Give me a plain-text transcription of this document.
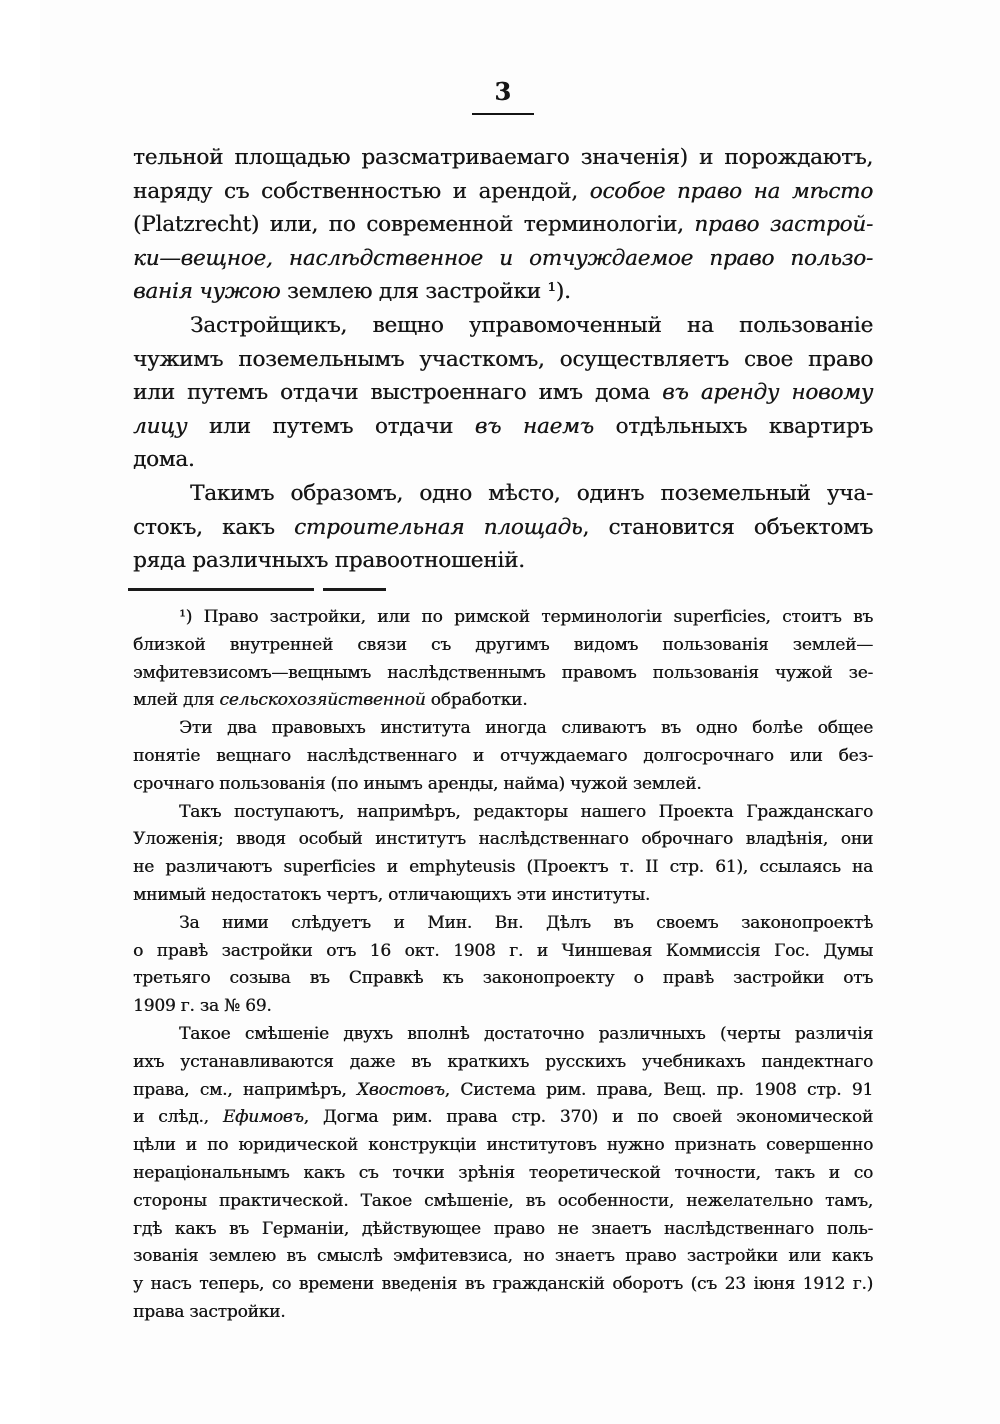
3
тельной площадью разсматриваемаго значенія) и порождаютъ,
наряду съ собственностью и арендой, особое право на мѣсто
(Platzrecht) или, по современной терминологіи, право застрой-
ки—вещное, наслѣдственное и отчуждаемое право пользо-
ванія чужою землею для застройки ¹).
Застройщикъ, вещно управомоченный на пользованіе
чужимъ поземельнымъ участкомъ, осуществляетъ свое право
или путемъ отдачи выстроеннаго имъ дома въ аренду новому
лицу или путемъ отдачи въ наемъ отдѣльныхъ квартиръ
дома.
Такимъ образомъ, одно мѣсто, одинъ поземельный уча-
стокъ, какъ строительная площадь, становится объектомъ
ряда различныхъ правоотношеній.
¹) Право застройки, или по римской терминологіи superficies, стоитъ въ
близкой внутренней связи съ другимъ видомъ пользованія землей—
эмфитевзисомъ—вещнымъ наслѣдственнымъ правомъ пользованія чужой зе-
млей для сельскохозяйственной обработки.
Эти два правовыхъ института иногда сливаютъ въ одно болѣе общее
понятіе вещнаго наслѣдственнаго и отчуждаемаго долгосрочнаго или без-
срочнаго пользованія (по инымъ аренды, найма) чужой землей.
Такъ поступаютъ, напримѣръ, редакторы нашего Проекта Гражданскаго
Уложенія; вводя особый институтъ наслѣдственнаго оброчнаго владѣнія, они
не различаютъ superficies и emphyteusis (Проектъ т. II стр. 61), ссылаясь на
мнимый недостатокъ чертъ, отличающихъ эти институты.
За ними слѣдуетъ и Мин. Вн. Дѣлъ въ своемъ законопроектѣ
о правѣ застройки отъ 16 окт. 1908 г. и Чиншевая Коммиссія Гос. Думы
третьяго созыва въ Справкѣ къ законопроекту о правѣ застройки отъ
1909 г. за № 69.
Такое смѣшеніе двухъ вполнѣ достаточно различныхъ (черты различія
ихъ устанавливаются даже въ краткихъ русскихъ учебникахъ пандектнаго
права, см., напримѣръ, Хвостовъ, Система рим. права, Вещ. пр. 1908 стр. 91
и слѣд., Ефимовъ, Догма рим. права стр. 370) и по своей экономической
цѣли и по юридической конструкціи институтовъ нужно признать совершенно
нераціональнымъ какъ съ точки зрѣнія теоретической точности, такъ и со
стороны практической. Такое смѣшеніе, въ особенности, нежелательно тамъ,
гдѣ какъ въ Германіи, дѣйствующее право не знаетъ наслѣдственнаго поль-
зованія землею въ смыслѣ эмфитевзиса, но знаетъ право застройки или какъ
у насъ теперь, со времени введенія въ гражданскій оборотъ (съ 23 іюня 1912 г.)
права застройки.
